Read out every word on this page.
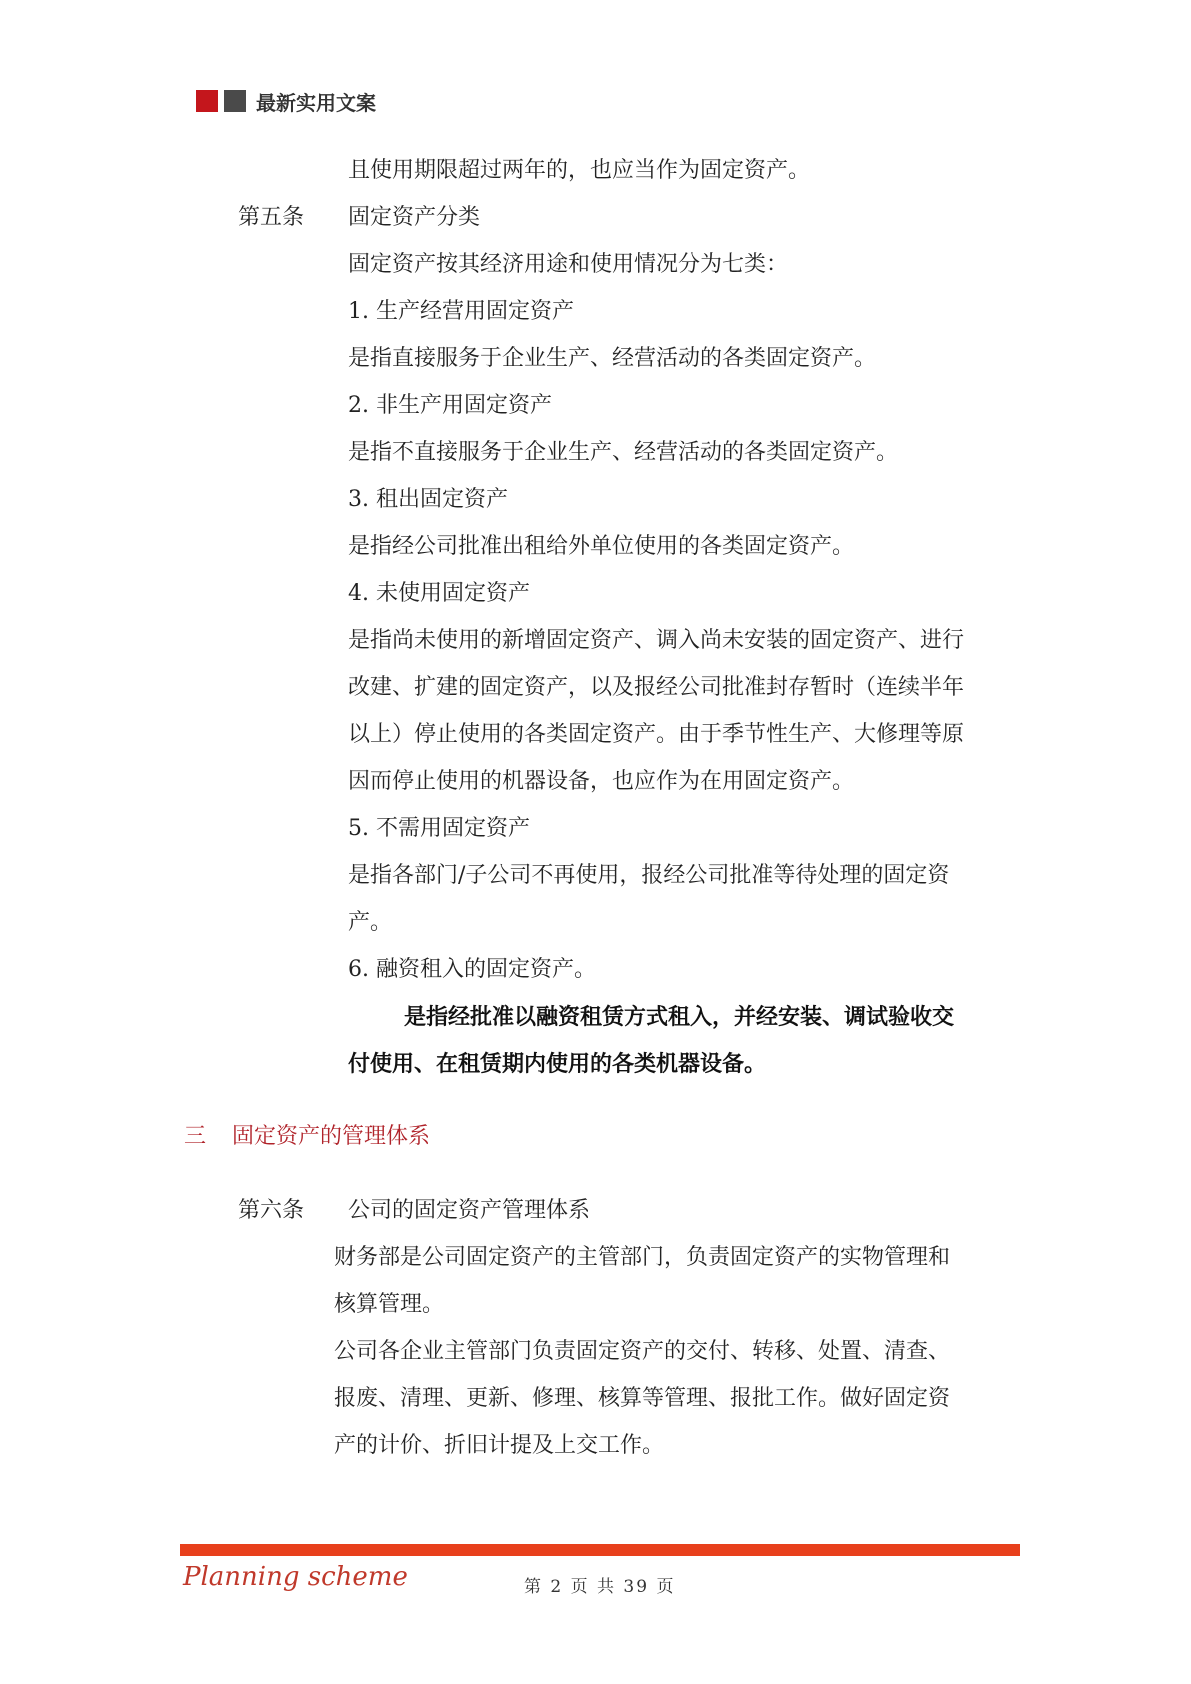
最新实用文案
且使用期限超过两年的，也应当作为固定资产。
第五条 固定资产分类
固定资产按其经济用途和使用情况分为七类：
1. 生产经营用固定资产
是指直接服务于企业生产、经营活动的各类固定资产。
2. 非生产用固定资产
是指不直接服务于企业生产、经营活动的各类固定资产。
3. 租出固定资产
是指经公司批准出租给外单位使用的各类固定资产。
4. 未使用固定资产
是指尚未使用的新增固定资产、调入尚未安装的固定资产、进行
改建、扩建的固定资产，以及报经公司批准封存暂时（连续半年
以上）停止使用的各类固定资产。由于季节性生产、大修理等原
因而停止使用的机器设备，也应作为在用固定资产。
5. 不需用固定资产
是指各部门/子公司不再使用，报经公司批准等待处理的固定资
产。
6. 融资租入的固定资产。
是指经批准以融资租赁方式租入，并经安装、调试验收交
付使用、在租赁期内使用的各类机器设备。
三 固定资产的管理体系
第六条 公司的固定资产管理体系
财务部是公司固定资产的主管部门，负责固定资产的实物管理和
核算管理。
公司各企业主管部门负责固定资产的交付、转移、处置、清查、
报废、清理、更新、修理、核算等管理、报批工作。做好固定资
产的计价、折旧计提及上交工作。
Planning scheme	第 2 页 共 39 页
